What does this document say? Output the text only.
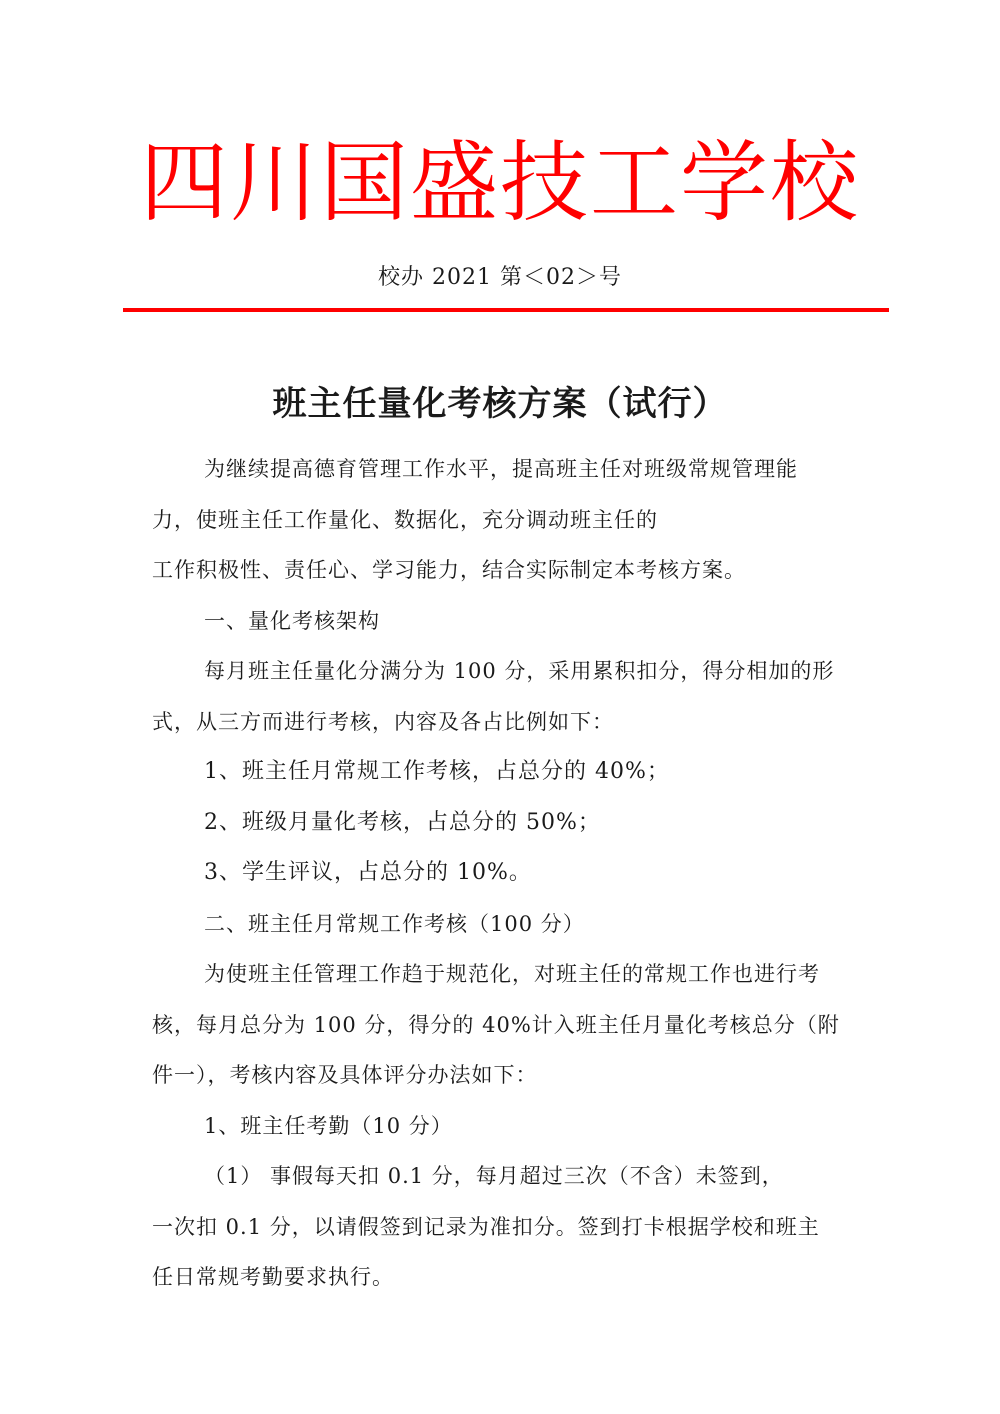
四川国盛技工学校
校办 2021 第＜02＞号
班主任量化考核方案（试行）
为继续提高德育管理工作水平，提高班主任对班级常规管理能
力，使班主任工作量化、数据化，充分调动班主任的
工作积极性、责任心、学习能力，结合实际制定本考核方案。
一、量化考核架构
每月班主任量化分满分为 100 分，采用累积扣分，得分相加的形
式，从三方而进行考核，内容及各占比例如下：
1、班主任月常规工作考核，占总分的 40%；
2、班级月量化考核，占总分的 50%；
3、学生评议，占总分的 10%。
二、班主任月常规工作考核（100 分）
为使班主任管理工作趋于规范化，对班主任的常规工作也进行考
核，每月总分为 100 分，得分的 40%计入班主任月量化考核总分（附
件一），考核内容及具体评分办法如下：
1、班主任考勤（10 分）
（1） 事假每天扣 0.1 分，每月超过三次（不含）未签到，
一次扣 0.1 分，以请假签到记录为准扣分。签到打卡根据学校和班主
任日常规考勤要求执行。
